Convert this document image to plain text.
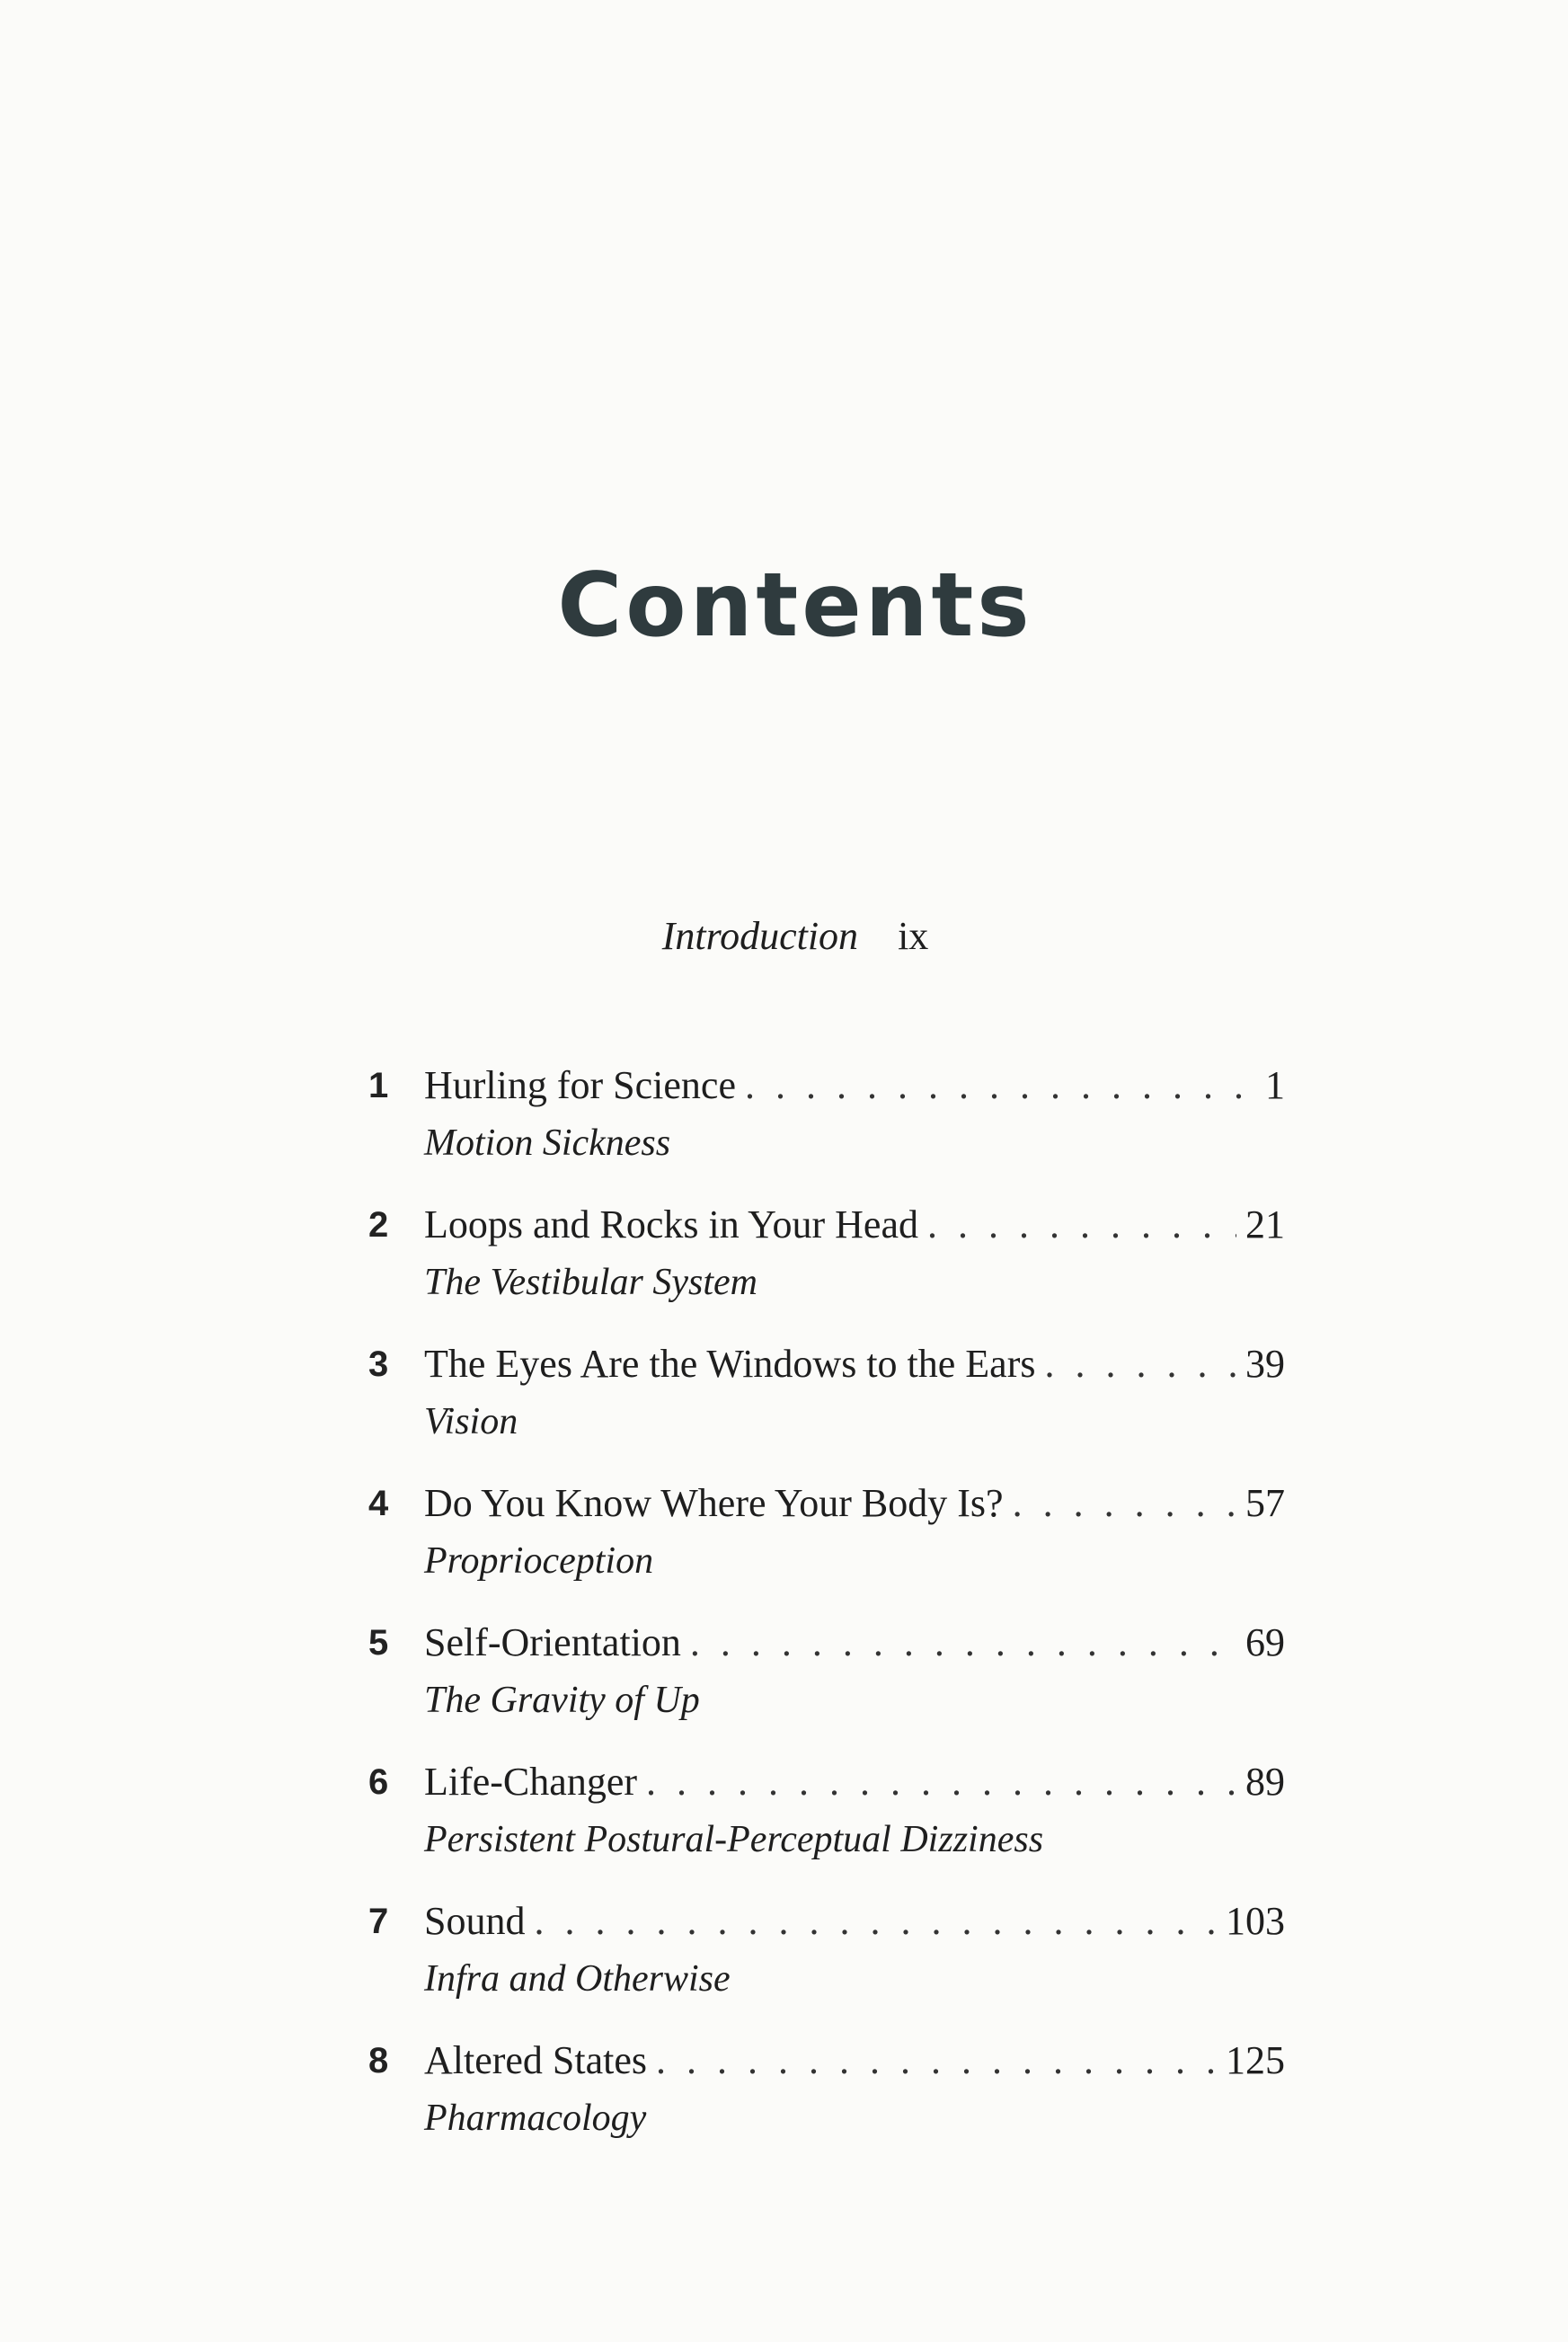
Contents
Introduction ix
1 Hurling for Science . . .	1
Motion Sickness
2 Loops and Rocks in Your Head . . .	21
The Vestibular System
3 The Eyes Are the Windows to the Ears . . .	39
Vision
4 Do You Know Where Your Body Is? . . .	57
Proprioception
5 Self-Orientation . . .	69
The Gravity of Up
6 Life-Changer . . .	89
Persistent Postural-Perceptual Dizziness
7 Sound . . .	103
Infra and Otherwise
8 Altered States . . .	125
Pharmacology
